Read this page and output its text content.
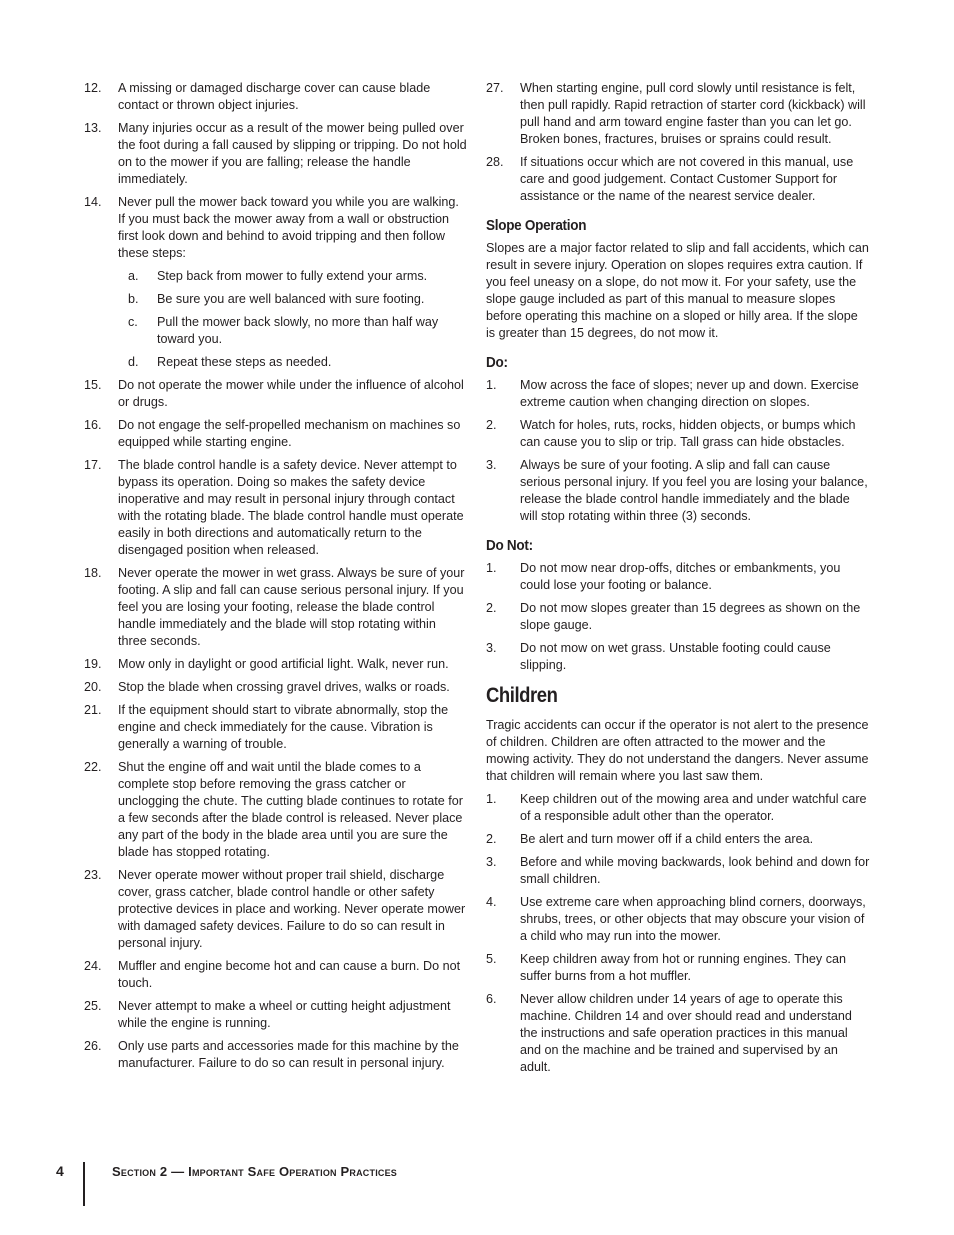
12.	A missing or damaged discharge cover can cause blade contact or thrown object injuries.
13.	Many injuries occur as a result of the mower being pulled over the foot during a fall caused by slipping or tripping. Do not hold on to the mower if you are falling; release the handle immediately.
14.	Never pull the mower back toward you while you are walking. If you must back the mower away from a wall or obstruction first look down and behind to avoid tripping and then follow these steps:
a.	Step back from mower to fully extend your arms.
b.	Be sure you are well balanced with sure footing.
c.	Pull the mower back slowly, no more than half way toward you.
d.	Repeat these steps as needed.
15.	Do not operate the mower while under the influence of alcohol or drugs.
16.	Do not engage the self-propelled mechanism on machines so equipped while starting engine.
17.	The blade control handle is a safety device. Never attempt to bypass its operation. Doing so makes the safety device inoperative and may result in personal injury through contact with the rotating blade. The blade control handle must operate easily in both directions and automatically return to the disengaged position when released.
18.	Never operate the mower in wet grass. Always be sure of your footing. A slip and fall can cause serious personal injury. If you feel you are losing your footing, release the blade control handle immediately and the blade will stop rotating within three seconds.
19.	Mow only in daylight or good artificial light. Walk, never run.
20.	Stop the blade when crossing gravel drives, walks or roads.
21.	If the equipment should start to vibrate abnormally, stop the engine and check immediately for the cause. Vibration is generally a warning of trouble.
22.	Shut the engine off and wait until the blade comes to a complete stop before removing the grass catcher or unclogging the chute. The cutting blade continues to rotate for a few seconds after the blade control is released. Never place any part of the body in the blade area until you are sure the blade has stopped rotating.
23.	Never operate mower without proper trail shield, discharge cover, grass catcher, blade control handle or other safety protective devices in place and working. Never operate mower with damaged safety devices. Failure to do so can result in personal injury.
24.	Muffler and engine become hot and can cause a burn. Do not touch.
25.	Never attempt to make a wheel or cutting height adjustment while the engine is running.
26.	Only use parts and accessories made for this machine by the manufacturer. Failure to do so can result in personal injury.
27.	When starting engine, pull cord slowly until resistance is felt, then pull rapidly. Rapid retraction of starter cord (kickback) will pull hand and arm toward engine faster than you can let go. Broken bones, fractures, bruises or sprains could result.
28.	If situations occur which are not covered in this manual, use care and good judgement. Contact Customer Support for assistance or the name of the nearest service dealer.
Slope Operation

Slopes are a major factor related to slip and fall accidents, which can result in severe injury. Operation on slopes requires extra caution. If you feel uneasy on a slope, do not mow it. For your safety, use the slope gauge included as part of this manual to measure slopes before operating this machine on a sloped or hilly area. If the slope is greater than 15 degrees, do not mow it.

Do:
1.	Mow across the face of slopes; never up and down. Exercise extreme caution when changing direction on slopes.
2.	Watch for holes, ruts, rocks, hidden objects, or bumps which can cause you to slip or trip. Tall grass can hide obstacles.
3.	Always be sure of your footing. A slip and fall can cause serious personal injury. If you feel you are losing your balance, release the blade control handle immediately and the blade will stop rotating within three (3) seconds.
Do Not:
1.	Do not mow near drop-offs, ditches or embankments, you could lose your footing or balance.
2.	Do not mow slopes greater than 15 degrees as shown on the slope gauge.
3.	Do not mow on wet grass. Unstable footing could cause slipping.
Children

Tragic accidents can occur if the operator is not alert to the presence of children. Children are often attracted to the mower and the mowing activity. They do not understand the dangers. Never assume that children will remain where you last saw them.

1.	Keep children out of the mowing area and under watchful care of a responsible adult other than the operator.
2.	Be alert and turn mower off if a child enters the area.
3.	Before and while moving backwards, look behind and down for small children.
4.	Use extreme care when approaching blind corners, doorways, shrubs, trees, or other objects that may obscure your vision of a child who may run into the mower.
5.	Keep children away from hot or running engines. They can suffer burns from a hot muffler.
6.	Never allow children under 14 years of age to operate this machine. Children 14 and over should read and understand the instructions and safe operation practices in this manual and on the machine and be trained and supervised by an adult.
4	Section 2 — Important Safe Operation Practices
